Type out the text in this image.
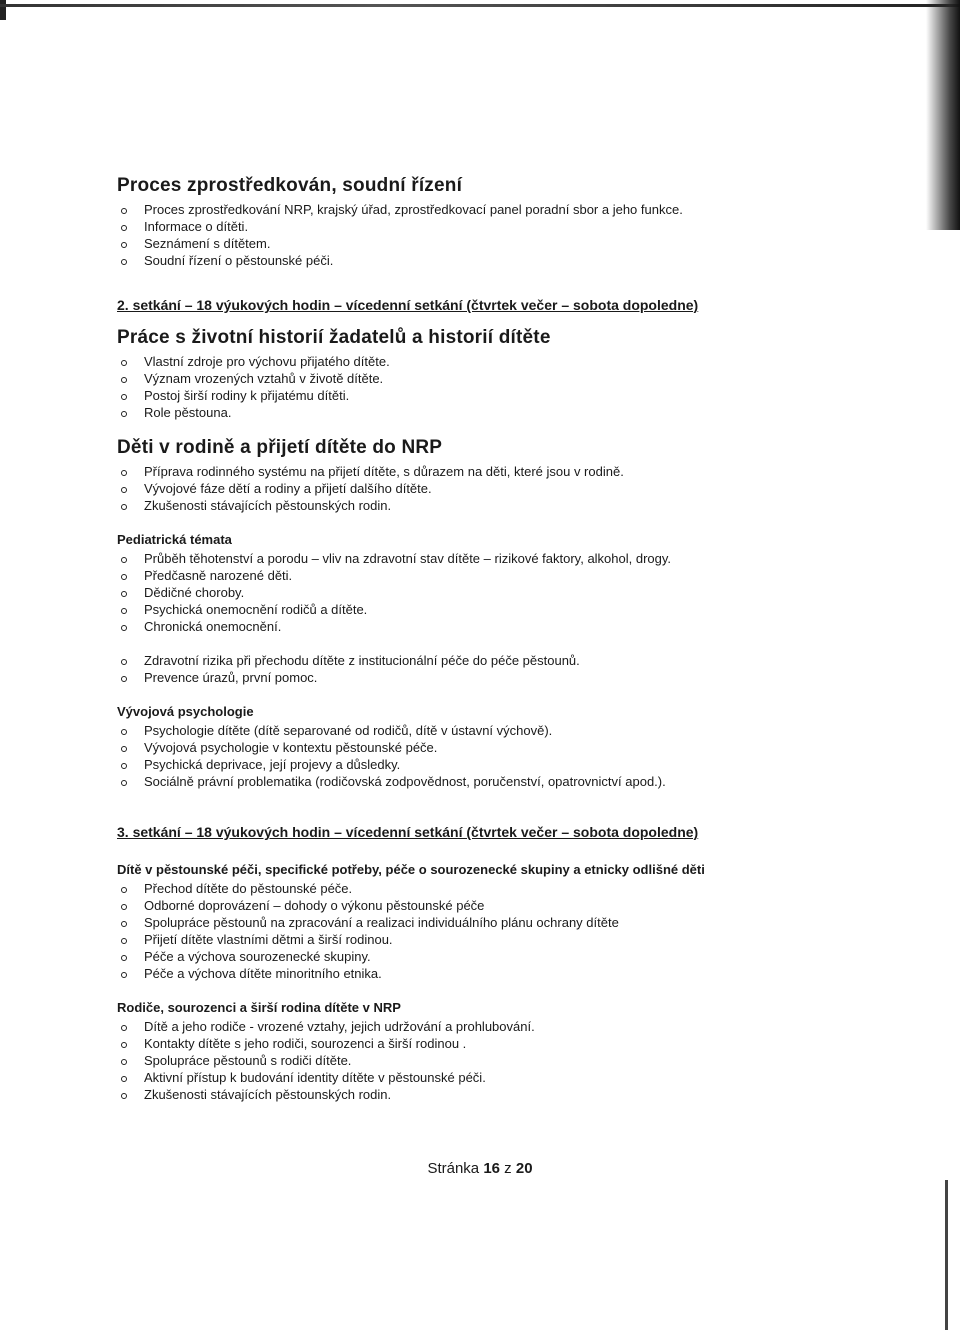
Proces zprostředkován, soudní řízení
Proces zprostředkování NRP, krajský úřad, zprostředkovací panel poradní sbor a jeho funkce.
Informace o dítěti.
Seznámení s dítětem.
Soudní řízení o pěstounské péči.
2. setkání – 18 výukových hodin – vícedenní setkání (čtvrtek večer – sobota dopoledne)
Práce s životní historií žadatelů a historií dítěte
Vlastní zdroje pro výchovu přijatého dítěte.
Význam vrozených vztahů v životě dítěte.
Postoj širší rodiny k přijatému dítěti.
Role pěstouna.
Děti v rodině a přijetí dítěte do NRP
Příprava rodinného systému na přijetí dítěte, s důrazem na děti, které jsou v rodině.
Vývojové fáze dětí a rodiny a přijetí dalšího dítěte.
Zkušenosti stávajících pěstounských rodin.
Pediatrická témata
Průběh těhotenství a porodu – vliv na zdravotní stav dítěte – rizikové faktory, alkohol, drogy.
Předčasně narozené děti.
Dědičné choroby.
Psychická onemocnění rodičů a dítěte.
Chronická onemocnění.
Zdravotní rizika při přechodu dítěte z institucionální péče do péče pěstounů.
Prevence úrazů, první pomoc.
Vývojová psychologie
Psychologie dítěte (dítě separované od rodičů, dítě v ústavní výchově).
Vývojová psychologie v kontextu pěstounské péče.
Psychická deprivace, její projevy a důsledky.
Sociálně právní problematika (rodičovská zodpovědnost, poručenství, opatrovnictví apod.).
3. setkání – 18 výukových hodin – vícedenní setkání (čtvrtek večer – sobota dopoledne)
Dítě v pěstounské péči, specifické potřeby, péče o sourozenecké skupiny a etnicky odlišné děti
Přechod dítěte do pěstounské péče.
Odborné doprovázení – dohody o výkonu pěstounské péče
Spolupráce pěstounů na zpracování a realizaci individuálního plánu ochrany dítěte
Přijetí dítěte vlastními dětmi a širší rodinou.
Péče a výchova sourozenecké skupiny.
Péče a výchova dítěte minoritního etnika.
Rodiče, sourozenci a širší rodina dítěte v NRP
Dítě a jeho rodiče - vrozené vztahy, jejich udržování a prohlubování.
Kontakty dítěte s jeho rodiči, sourozenci a širší rodinou .
Spolupráce pěstounů s rodiči dítěte.
Aktivní přístup k budování identity dítěte v pěstounské péči.
Zkušenosti stávajících pěstounských rodin.
Stránka 16 z 20
